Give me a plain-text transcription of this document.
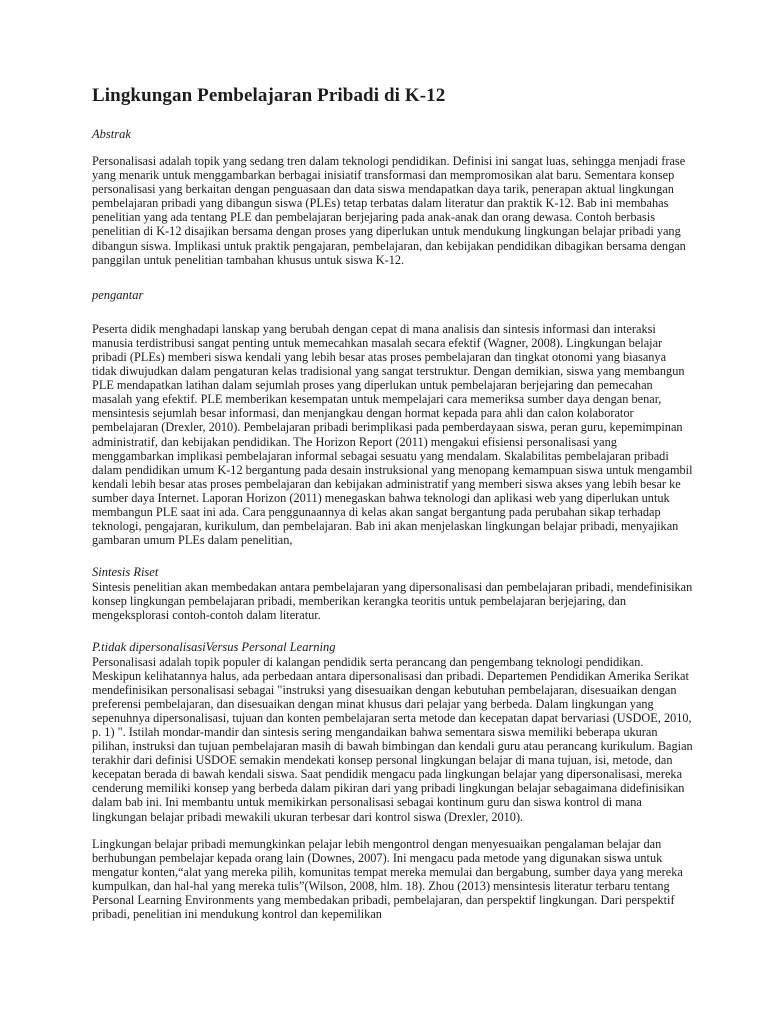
Lingkungan Pembelajaran Pribadi di K-12
Abstrak

Personalisasi adalah topik yang sedang tren dalam teknologi pendidikan. Definisi ini sangat luas, sehingga menjadi frase yang menarik untuk menggambarkan berbagai inisiatif transformasi dan mempromosikan alat baru. Sementara konsep personalisasi yang berkaitan dengan penguasaan dan data siswa mendapatkan daya tarik, penerapan aktual lingkungan pembelajaran pribadi yang dibangun siswa (PLEs) tetap terbatas dalam literatur dan praktik K-12. Bab ini membahas penelitian yang ada tentang PLE dan pembelajaran berjejaring pada anak-anak dan orang dewasa. Contoh berbasis penelitian di K-12 disajikan bersama dengan proses yang diperlukan untuk mendukung lingkungan belajar pribadi yang dibangun siswa. Implikasi untuk praktik pengajaran, pembelajaran, dan kebijakan pendidikan dibagikan bersama dengan panggilan untuk penelitian tambahan khusus untuk siswa K-12.

pengantar

Peserta didik menghadapi lanskap yang berubah dengan cepat di mana analisis dan sintesis informasi dan interaksi manusia terdistribusi sangat penting untuk memecahkan masalah secara efektif (Wagner, 2008). Lingkungan belajar pribadi (PLEs) memberi siswa kendali yang lebih besar atas proses pembelajaran dan tingkat otonomi yang biasanya tidak diwujudkan dalam pengaturan kelas tradisional yang sangat terstruktur. Dengan demikian, siswa yang membangun PLE mendapatkan latihan dalam sejumlah proses yang diperlukan untuk pembelajaran berjejaring dan pemecahan masalah yang efektif. PLE memberikan kesempatan untuk mempelajari cara memeriksa sumber daya dengan benar, mensintesis sejumlah besar informasi, dan menjangkau dengan hormat kepada para ahli dan calon kolaborator pembelajaran (Drexler, 2010). Pembelajaran pribadi berimplikasi pada pemberdayaan siswa, peran guru, kepemimpinan administratif, dan kebijakan pendidikan. The Horizon Report (2011) mengakui efisiensi personalisasi yang menggambarkan implikasi pembelajaran informal sebagai sesuatu yang mendalam. Skalabilitas pembelajaran pribadi dalam pendidikan umum K-12 bergantung pada desain instruksional yang menopang kemampuan siswa untuk mengambil kendali lebih besar atas proses pembelajaran dan kebijakan administratif yang memberi siswa akses yang lebih besar ke sumber daya Internet. Laporan Horizon (2011) menegaskan bahwa teknologi dan aplikasi web yang diperlukan untuk membangun PLE saat ini ada. Cara penggunaannya di kelas akan sangat bergantung pada perubahan sikap terhadap teknologi, pengajaran, kurikulum, dan pembelajaran. Bab ini akan menjelaskan lingkungan belajar pribadi, menyajikan gambaran umum PLEs dalam penelitian,

Sintesis Riset

Sintesis penelitian akan membedakan antara pembelajaran yang dipersonalisasi dan pembelajaran pribadi, mendefinisikan konsep lingkungan pembelajaran pribadi, memberikan kerangka teoritis untuk pembelajaran berjejaring, dan mengeksplorasi contoh-contoh dalam literatur.

P.tidak dipersonalisasiVersus Personal Learning

Personalisasi adalah topik populer di kalangan pendidik serta perancang dan pengembang teknologi pendidikan. Meskipun kelihatannya halus, ada perbedaan antara dipersonalisasi dan pribadi. Departemen Pendidikan Amerika Serikat mendefinisikan personalisasi sebagai "instruksi yang disesuaikan dengan kebutuhan pembelajaran, disesuaikan dengan preferensi pembelajaran, dan disesuaikan dengan minat khusus dari pelajar yang berbeda. Dalam lingkungan yang sepenuhnya dipersonalisasi, tujuan dan konten pembelajaran serta metode dan kecepatan dapat bervariasi (USDOE, 2010, p. 1) ". Istilah mondar-mandir dan sintesis sering mengandaikan bahwa sementara siswa memiliki beberapa ukuran pilihan, instruksi dan tujuan pembelajaran masih di bawah bimbingan dan kendali guru atau perancang kurikulum. Bagian terakhir dari definisi USDOE semakin mendekati konsep personal lingkungan belajar di mana tujuan, isi, metode, dan kecepatan berada di bawah kendali siswa. Saat pendidik mengacu pada lingkungan belajar yang dipersonalisasi, mereka cenderung memiliki konsep yang berbeda dalam pikiran dari yang pribadi lingkungan belajar sebagaimana didefinisikan dalam bab ini. Ini membantu untuk memikirkan personalisasi sebagai kontinum guru dan siswa kontrol di mana lingkungan belajar pribadi mewakili ukuran terbesar dari kontrol siswa (Drexler, 2010).

Lingkungan belajar pribadi memungkinkan pelajar lebih mengontrol dengan menyesuaikan pengalaman belajar dan berhubungan pembelajar kepada orang lain (Downes, 2007). Ini mengacu pada metode yang digunakan siswa untuk mengatur konten,“alat yang mereka pilih, komunitas tempat mereka memulai dan bergabung, sumber daya yang mereka kumpulkan, dan hal-hal yang mereka tulis”(Wilson, 2008, hlm. 18). Zhou (2013) mensintesis literatur terbaru tentang Personal Learning Environments yang membedakan pribadi, pembelajaran, dan perspektif lingkungan. Dari perspektif pribadi, penelitian ini mendukung kontrol dan kepemilikan
